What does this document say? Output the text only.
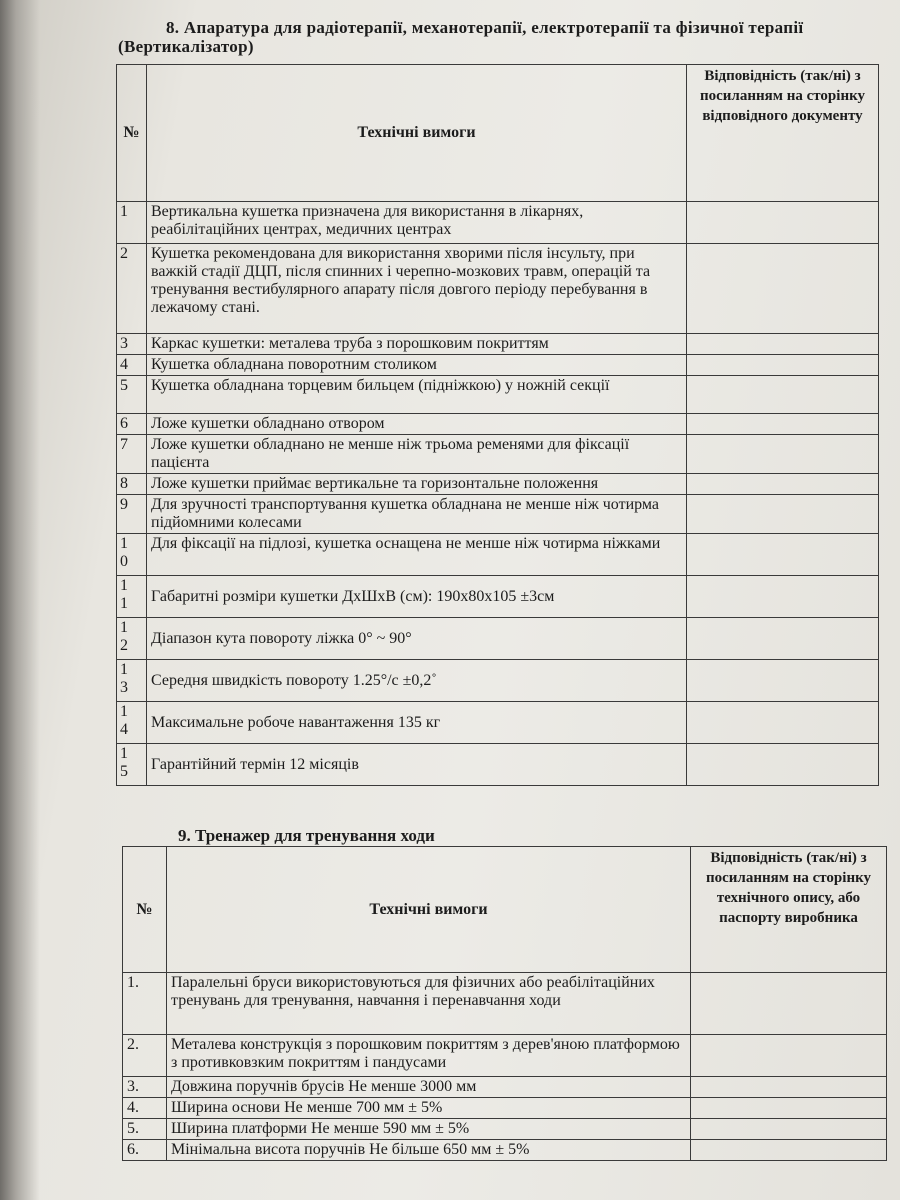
8. Апаратура для радіотерапії, механотерапії, електротерапії та фізичної терапії
(Вертикалізатор)
№	Технічні вимоги	Відповідність (так/ні) з посиланням на сторінку відповідного документу
1	Вертикальна кушетка призначена для використання в лікарнях, реабілітаційних центрах, медичних центрах	
2	Кушетка рекомендована для використання хворими після інсульту, при важкій стадії ДЦП, після спинних і черепно-мозкових травм, операцій та тренування вестибулярного апарату після довгого періоду перебування в лежачому стані.	
3	Каркас кушетки: металева труба з порошковим покриттям	
4	Кушетка обладнана поворотним столиком	
5	Кушетка обладнана торцевим бильцем (підніжкою) у ножній секції	
6	Ложе кушетки обладнано отвором	
7	Ложе кушетки обладнано не менше ніж трьома ременями для фіксації пацієнта	
8	Ложе кушетки приймає вертикальне та горизонтальне положення	
9	Для зручності транспортування кушетка обладнана не менше ніж чотирма підйомними колесами	
10	Для фіксації на підлозі, кушетка оснащена не менше ніж чотирма ніжками	
11	Габаритні розміри кушетки ДхШхВ (см): 190х80х105 ±3см	
12	Діапазон кута повороту ліжка 0° ~ 90°	
13	Середня швидкість повороту 1.25°/с ±0,2˚	
14	Максимальне робоче навантаження 135 кг	
15	Гарантійний термін 12 місяців	
9. Тренажер для тренування ходи
№	Технічні вимоги	Відповідність (так/ні) з посиланням на сторінку технічного опису, або паспорту виробника
1.	Паралельні бруси використовуються для фізичних або реабілітаційних тренувань для тренування, навчання і перенавчання ходи	
2.	Металева конструкція з порошковим покриттям з дерев'яною платформою з противковзким покриттям і пандусами	
3.	Довжина поручнів брусів Не менше 3000 мм	
4.	Ширина основи Не менше 700 мм ± 5%	
5.	Ширина платформи Не менше 590 мм ± 5%	
6.	Мінімальна висота поручнів Не більше 650 мм ± 5%	
